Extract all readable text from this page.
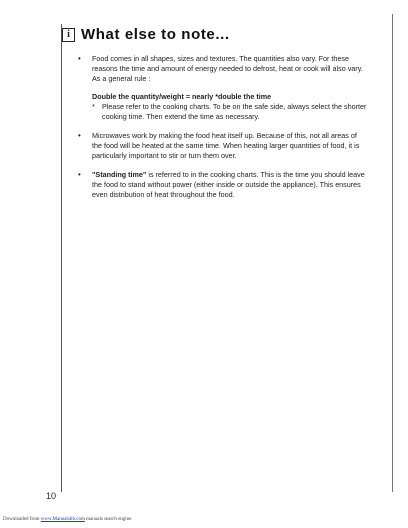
i What else to note...
• Food comes in all shapes, sizes and textures. The quantities also vary. For these reasons the time and amount of energy needed to defrost, heat or cook will also vary. As a general rule :
Double the quantity/weight = nearly *double the time
* Please refer to the cooking charts. To be on the safe side, always select the shorter cooking time. Then extend the time as necessary.
• Microwaves work by making the food heat itself up. Because of this, not all areas of the food will be heated at the same time. When heating larger quantities of food, it is particularly important to stir or turn them over.
• "Standing time" is referred to in the cooking charts. This is the time you should leave the food to stand without power (either inside or outside the appliance). This ensures even distribution of heat throughout the food.
10
Downloaded from www.Manualslib.com manuals search engine
